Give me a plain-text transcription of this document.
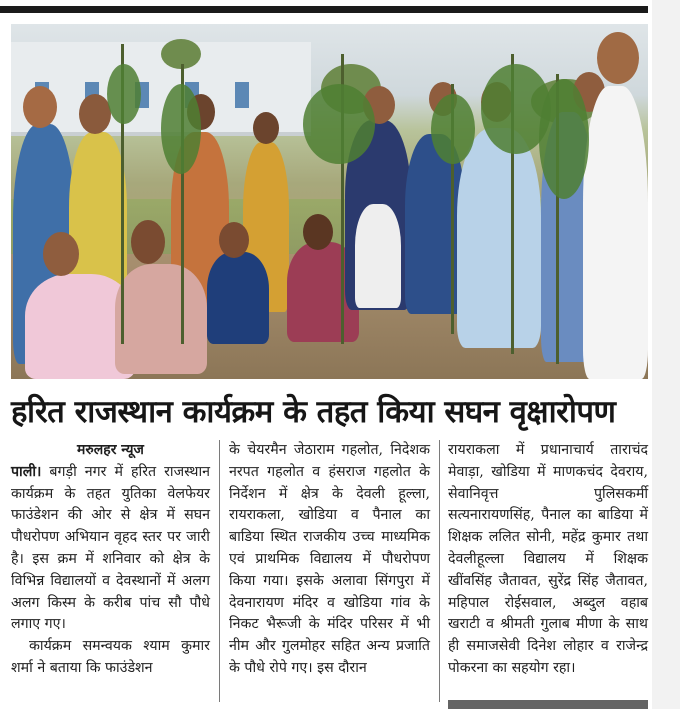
हरित राजस्थान कार्यक्रम के तहत किया सघन वृक्षारोपण
मरुलहर न्यूज

पाली। बगड़ी नगर में हरित राजस्थान कार्यक्रम के तहत युतिका वेलफेयर फाउंडेशन की ओर से क्षेत्र में सघन पौधरोपण अभियान वृहद स्तर पर जारी है। इस क्रम में शनिवार को क्षेत्र के विभिन्न विद्यालयों व देवस्थानों में अलग अलग किस्म के करीब पांच सौ पौधे लगाए गए।

कार्यक्रम समन्वयक श्याम कुमार शर्मा ने बताया कि फाउंडेशन

के चेयरमैन जेठाराम गहलोत, निदेशक नरपत गहलोत व हंसराज गहलोत के निर्देशन में क्षेत्र के देवली हूल्ला, रायराकला, खोडिया व पैनाल का बाडिया स्थित राजकीय उच्च माध्यमिक एवं प्राथमिक विद्यालय में पौधरोपण किया गया। इसके अलावा सिंगपुरा में देवनारायण मंदिर व खोडिया गांव के निकट भैरूजी के मंदिर परिसर में भी नीम और गुलमोहर सहित अन्य प्रजाति के पौधे रोपे गए। इस दौरान

रायराकला में प्रधानाचार्य ताराचंद मेवाड़ा, खोडिया में माणकचंद देवराय, सेवानिवृत्त पुलिसकर्मी सत्यनारायणसिंह, पैनाल का बाडिया में शिक्षक ललित सोनी, महेंद्र कुमार तथा देवलीहूल्ला विद्यालय में शिक्षक खींवसिंह जैतावत, सुरेंद्र सिंह जैतावत, महिपाल रोईसवाल, अब्दुल वहाब खराटी व श्रीमती गुलाब मीणा के साथ ही समाजसेवी दिनेश लोहार व राजेन्द्र पोकरना का सहयोग रहा।
